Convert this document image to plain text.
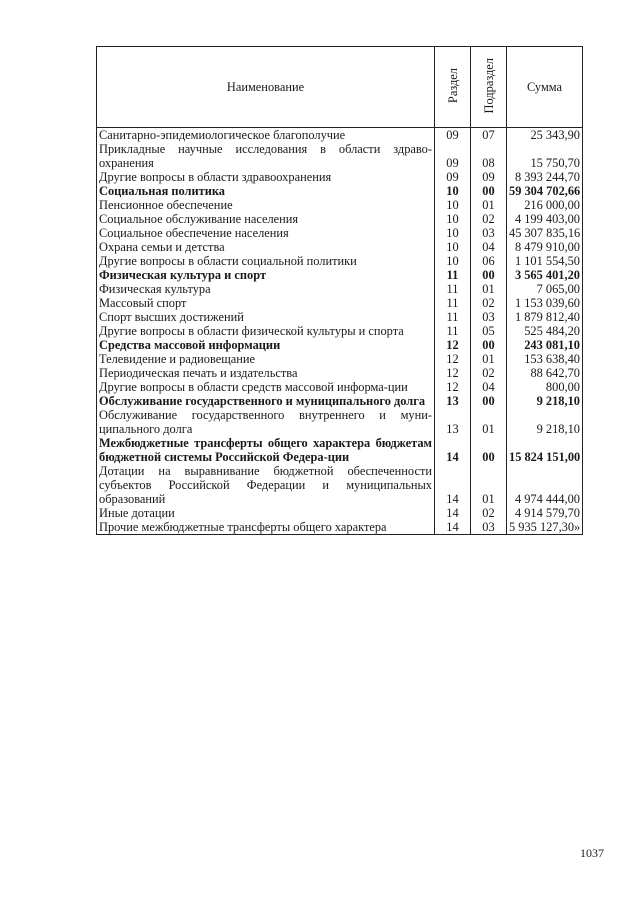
Наименование	Раздел	Подраздел	Сумма
Санитарно-эпидемиологическое благополучие	09	07	25 343,90
Прикладные научные исследования в области здраво-охранения	09	08	15 750,70
Другие вопросы в области здравоохранения	09	09	8 393 244,70
Социальная политика	10	00	59 304 702,66
Пенсионное обеспечение	10	01	216 000,00
Социальное обслуживание населения	10	02	4 199 403,00
Социальное обеспечение населения	10	03	45 307 835,16
Охрана семьи и детства	10	04	8 479 910,00
Другие вопросы в области социальной политики	10	06	1 101 554,50
Физическая культура и спорт	11	00	3 565 401,20
Физическая культура	11	01	7 065,00
Массовый спорт	11	02	1 153 039,60
Спорт высших достижений	11	03	1 879 812,40
Другие вопросы в области физической культуры и спорта	11	05	525 484,20
Средства массовой информации	12	00	243 081,10
Телевидение и радиовещание	12	01	153 638,40
Периодическая печать и издательства	12	02	88 642,70
Другие вопросы в области средств массовой информа-ции	12	04	800,00
Обслуживание государственного и муниципального долга	13	00	9 218,10
Обслуживание государственного внутреннего и муни-ципального долга	13	01	9 218,10
Межбюджетные трансферты общего характера бюджетам бюджетной системы Российской Федера-ции	14	00	15 824 151,00
Дотации на выравнивание бюджетной обеспеченности субъектов Российской Федерации и муниципальных образований	14	01	4 974 444,00
Иные дотации	14	02	4 914 579,70
Прочие межбюджетные трансферты общего характера	14	03	5 935 127,30»
1037
